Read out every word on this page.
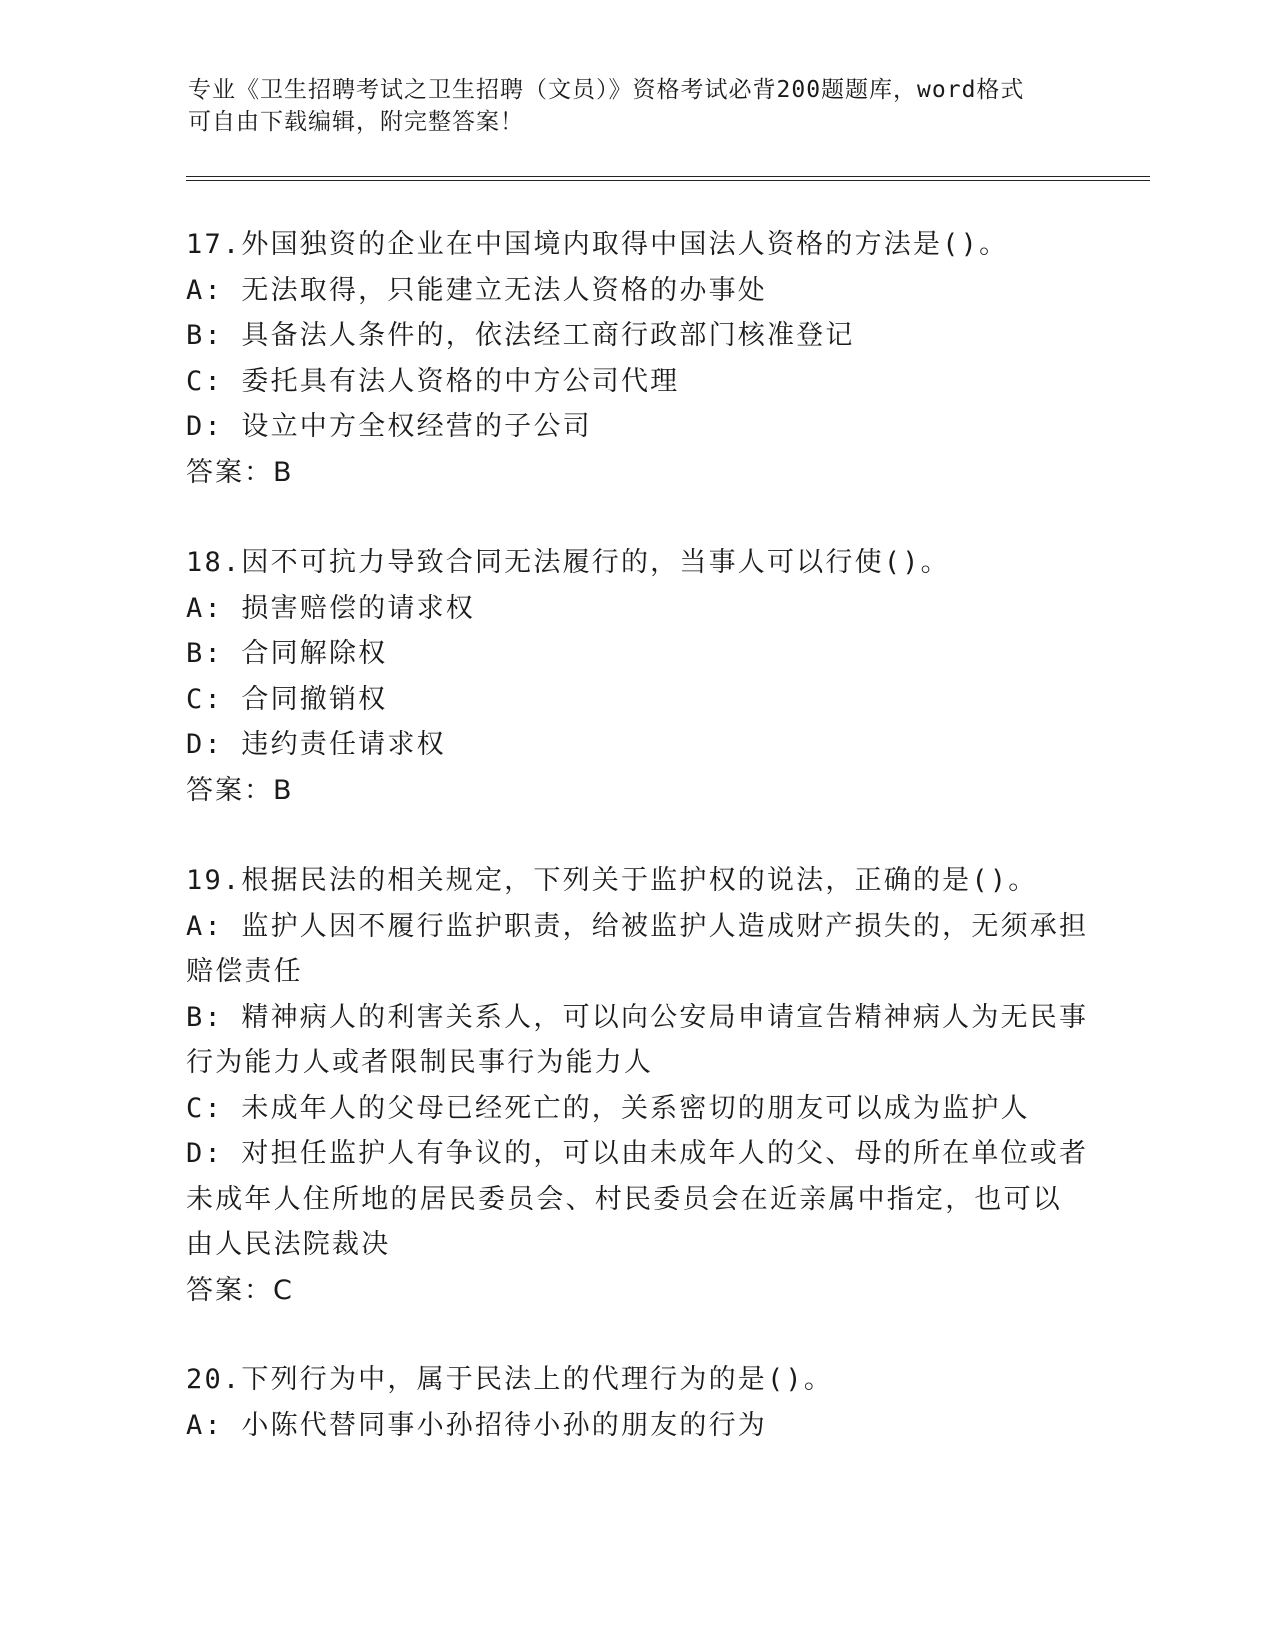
专业《卫生招聘考试之卫生招聘（文员）》资格考试必背200题题库，word格式
可自由下载编辑，附完整答案！
17.外国独资的企业在中国境内取得中国法人资格的方法是()。
A: 无法取得，只能建立无法人资格的办事处
B: 具备法人条件的，依法经工商行政部门核准登记
C: 委托具有法人资格的中方公司代理
D: 设立中方全权经营的子公司
答案：B
18.因不可抗力导致合同无法履行的，当事人可以行使()。
A: 损害赔偿的请求权
B: 合同解除权
C: 合同撤销权
D: 违约责任请求权
答案：B
19.根据民法的相关规定，下列关于监护权的说法，正确的是()。
A: 监护人因不履行监护职责，给被监护人造成财产损失的，无须承担
赔偿责任
B: 精神病人的利害关系人，可以向公安局申请宣告精神病人为无民事
行为能力人或者限制民事行为能力人
C: 未成年人的父母已经死亡的，关系密切的朋友可以成为监护人
D: 对担任监护人有争议的，可以由未成年人的父、母的所在单位或者
未成年人住所地的居民委员会、村民委员会在近亲属中指定，也可以
由人民法院裁决
答案：C
20.下列行为中，属于民法上的代理行为的是()。
A: 小陈代替同事小孙招待小孙的朋友的行为
